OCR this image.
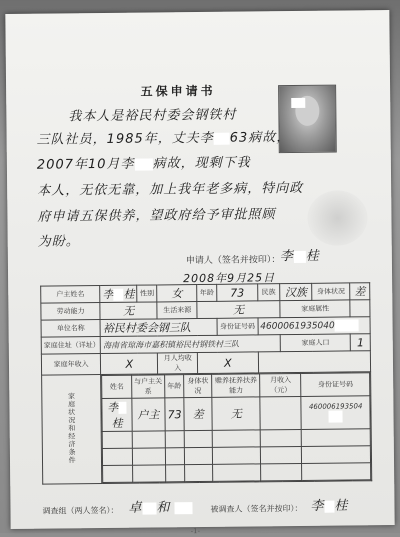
五保申请书
我本人是裕民村委会钢铁村
三队社员，1985年，丈夫李 63病故，
2007年10月李 病故，现剩下我
本人，无依无靠，加上我年老多病，特向政
府申请五保供养，望政府给予审批照顾
为盼。
申请人（签名并按印）： 李 桂
2008年9月25日
户主姓名	李 桂	性别	女	年龄	73	民族	汉族	身体状况	差
劳动能力	无	生活来源	无	家庭属性	
单位名称	裕民村委会钢三队	身份证号码	4600061935040
家庭住址（详址）	海南省琼海市嘉积镇裕民村钢铁村三队	家庭人口	1
家庭年收入	X	月人均收入	X	
家庭状况和经济条件	
姓名	与户主关系	年龄	身体状况	赡养抚养扶养能力	月收入（元）	身份证号码
李桂	户主	73	差	无		460006193504

调查组（两人签名）： 卓 和	被调查人（签名并按印）： 李 桂
-1-
